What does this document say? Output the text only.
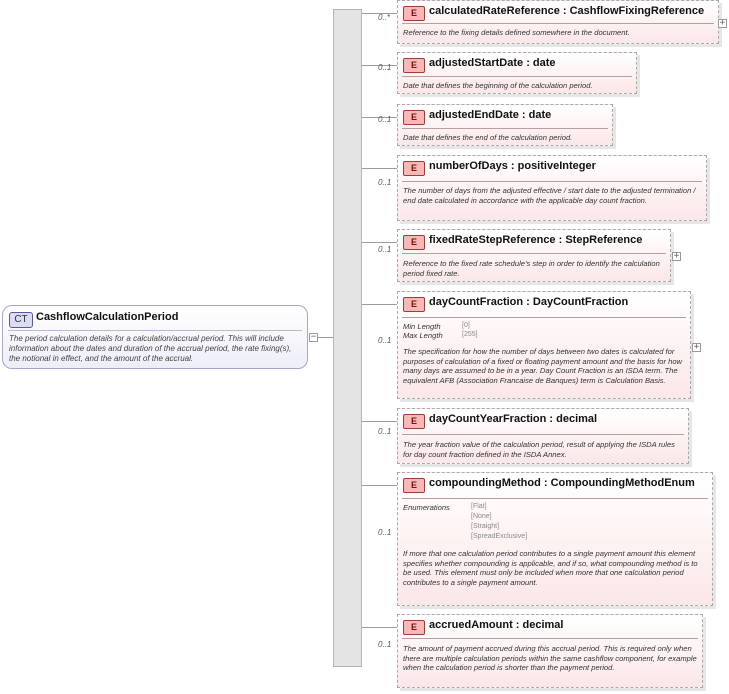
CT CashflowCalculationPeriod
The period calculation details for a calculation/accrual period. This will include information about the dates and duration of the accrual period, the rate fixing(s), the notional in effect, and the amount of the accrual.
−
0..*	E	calculatedRateReference : CashflowFixingReference
Reference to the fixing details defined somewhere in the document.
+
0..1	E	adjustedStartDate : date
Date that defines the beginning of the calculation period.
0..1	E	adjustedEndDate : date
Date that defines the end of the calculation period.
0..1
E	numberOfDays : positiveInteger
The number of days from the adjusted effective / start date to the adjusted termination / end date calculated in accordance with the applicable day count fraction.
0..1
E	fixedRateStepReference : StepReference
Reference to the fixed rate schedule's step in order to identify the calculation period fixed rate.
+
0..1
E	dayCountFraction : DayCountFraction
Min Length	[0]
Max Length	[255]
The specification for how the number of days between two dates is calculated for purposes of calculation of a fixed or floating payment amount and the basis for how many days are assumed to be in a year. Day Count Fraction is an ISDA term. The equivalent AFB (Association Francaise de Banques) term is Calculation Basis.
+
0..1
E	dayCountYearFraction : decimal
The year fraction value of the calculation period, result of applying the ISDA rules for day count fraction defined in the ISDA Annex.
0..1
E	compoundingMethod : CompoundingMethodEnum
Enumerations	[Flat]
[None]
[Straight]
[SpreadExclusive]
If more that one calculation period contributes to a single payment amount this element specifies whether compounding is applicable, and if so, what compounding method is to be used. This element must only be included when more that one calculation period contributes to a single payment amount.
0..1
E	accruedAmount : decimal
The amount of payment accrued during this accrual period. This is required only when there are multiple calculation periods within the same cashflow component, for example when the calculation period is shorter than the payment period.
